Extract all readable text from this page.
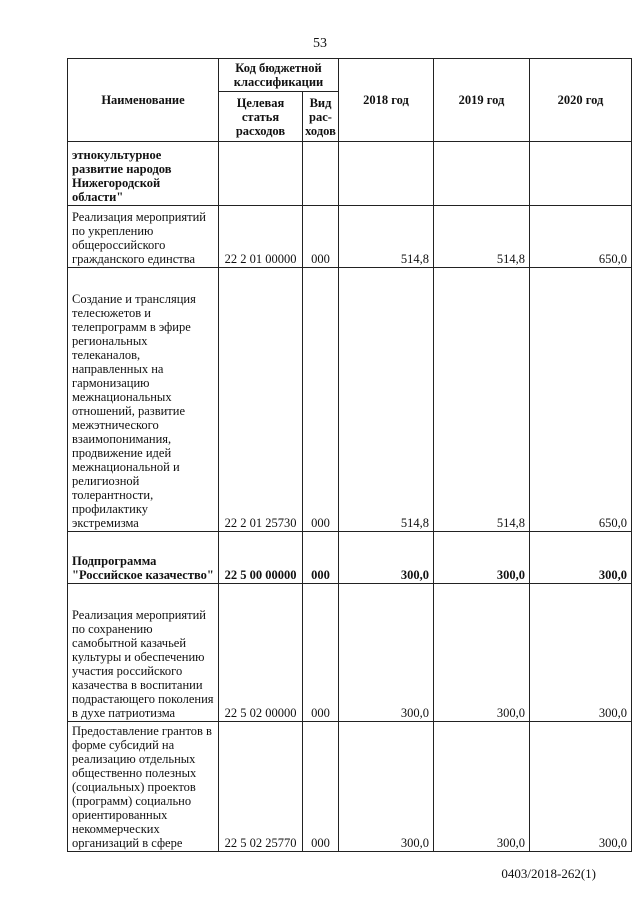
53
Наименование	Код бюджетной классификации		2018 год	2019 год	2020 год
	Целевая статья расходов	Вид рас-ходов			
этнокультурное развитие народов Нижегородской области"					
Реализация мероприятий по укреплению общероссийского гражданского единства	22 2 01 00000	000	514,8	514,8	650,0
Создание и трансляция телесюжетов и телепрограмм в эфире региональных телеканалов, направленных на гармонизацию межнациональных отношений, развитие межэтнического взаимопонимания, продвижение идей межнациональной и религиозной толерантности, профилактику экстремизма	22 2 01 25730	000	514,8	514,8	650,0
Подпрограмма "Российское казачество"	22 5 00 00000	000	300,0	300,0	300,0
Реализация мероприятий по сохранению самобытной казачьей культуры и обеспечению участия российского казачества в воспитании подрастающего поколения в духе патриотизма	22 5 02 00000	000	300,0	300,0	300,0
Предоставление грантов в форме субсидий на реализацию отдельных общественно полезных (социальных) проектов (программ) социально ориентированных некоммерческих организаций в сфере	22 5 02 25770	000	300,0	300,0	300,0
0403/2018-262(1)
